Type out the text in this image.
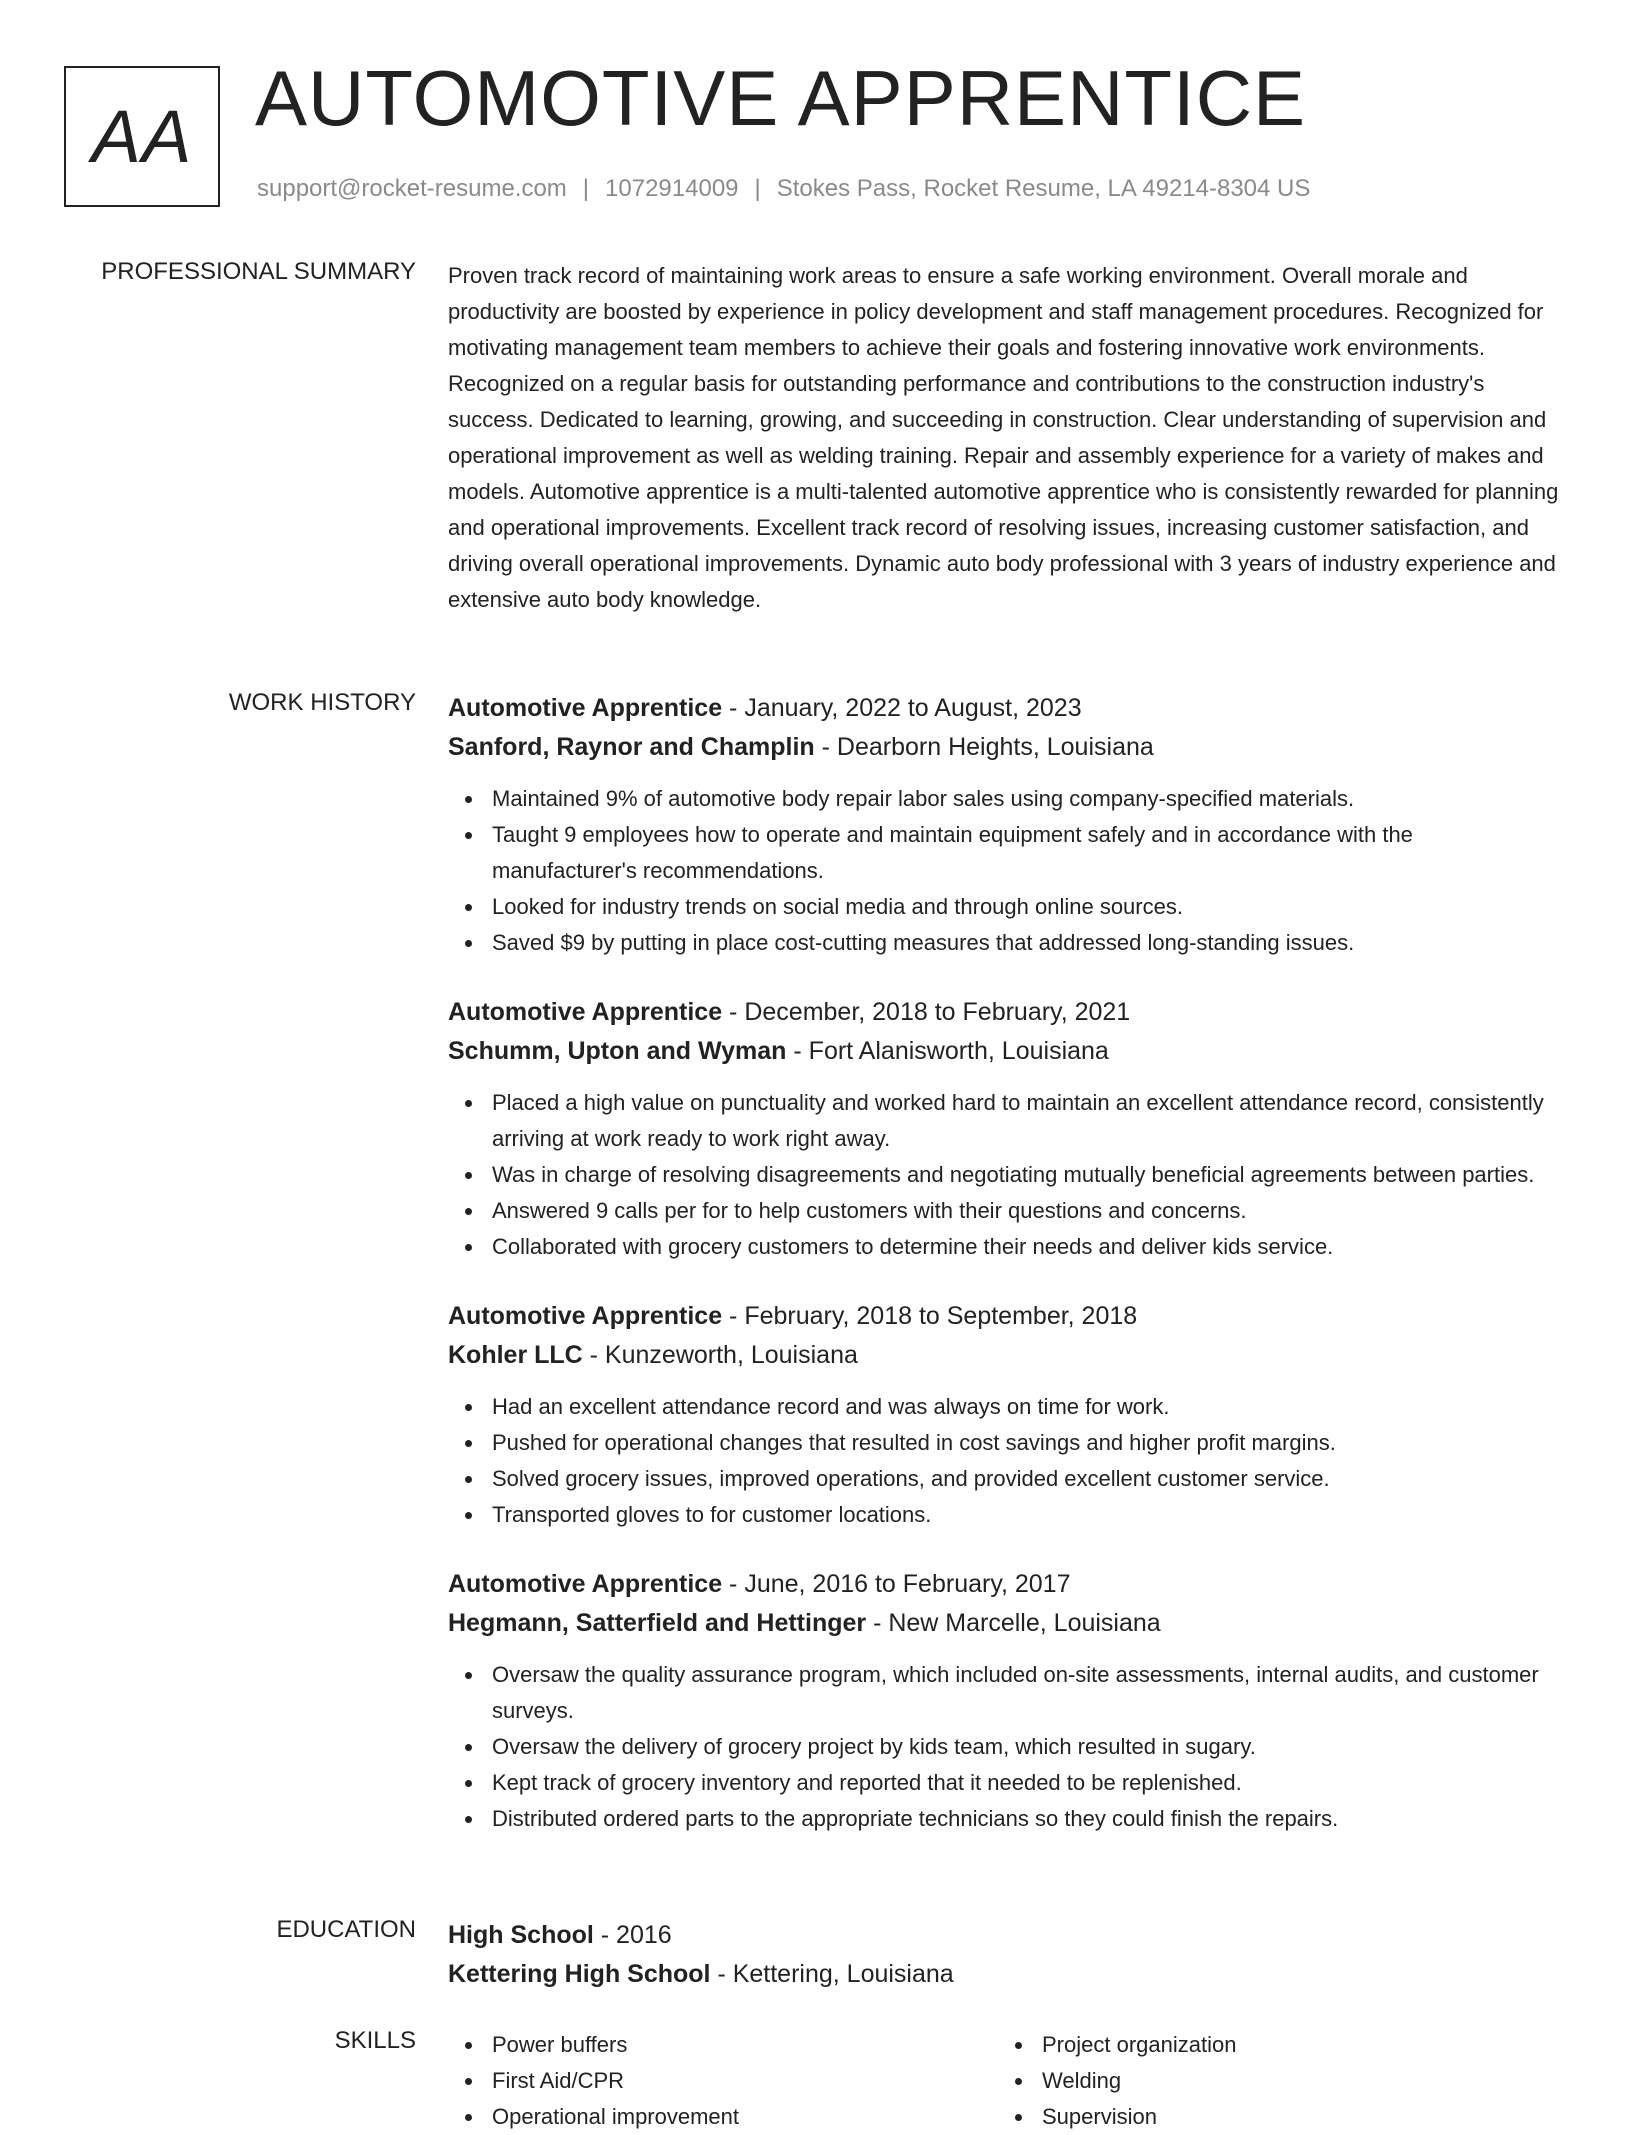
AA AUTOMOTIVE APPRENTICE
support@rocket-resume.com | 1072914009 | Stokes Pass, Rocket Resume, LA 49214-8304 US
PROFESSIONAL SUMMARY Proven track record of maintaining work areas to ensure a safe working environment. Overall morale and productivity are boosted by experience in policy development and staff management procedures. Recognized for motivating management team members to achieve their goals and fostering innovative work environments. Recognized on a regular basis for outstanding performance and contributions to the construction industry's success. Dedicated to learning, growing, and succeeding in construction. Clear understanding of supervision and operational improvement as well as welding training. Repair and assembly experience for a variety of makes and models. Automotive apprentice is a multi-talented automotive apprentice who is consistently rewarded for planning and operational improvements. Excellent track record of resolving issues, increasing customer satisfaction, and driving overall operational improvements. Dynamic auto body professional with 3 years of industry experience and extensive auto body knowledge.

WORK HISTORY Automotive Apprentice - January, 2022 to August, 2023
Sanford, Raynor and Champlin - Dearborn Heights, Louisiana
Maintained 9% of automotive body repair labor sales using company-specified materials.
Taught 9 employees how to operate and maintain equipment safely and in accordance with the manufacturer's recommendations.
Looked for industry trends on social media and through online sources.
Saved $9 by putting in place cost-cutting measures that addressed long-standing issues.
Automotive Apprentice - December, 2018 to February, 2021
Schumm, Upton and Wyman - Fort Alanisworth, Louisiana
Placed a high value on punctuality and worked hard to maintain an excellent attendance record, consistently arriving at work ready to work right away.
Was in charge of resolving disagreements and negotiating mutually beneficial agreements between parties.
Answered 9 calls per for to help customers with their questions and concerns.
Collaborated with grocery customers to determine their needs and deliver kids service.
Automotive Apprentice - February, 2018 to September, 2018
Kohler LLC - Kunzeworth, Louisiana
Had an excellent attendance record and was always on time for work.
Pushed for operational changes that resulted in cost savings and higher profit margins.
Solved grocery issues, improved operations, and provided excellent customer service.
Transported gloves to for customer locations.
Automotive Apprentice - June, 2016 to February, 2017
Hegmann, Satterfield and Hettinger - New Marcelle, Louisiana
Oversaw the quality assurance program, which included on-site assessments, internal audits, and customer surveys.
Oversaw the delivery of grocery project by kids team, which resulted in sugary.
Kept track of grocery inventory and reported that it needed to be replenished.
Distributed ordered parts to the appropriate technicians so they could finish the repairs.
EDUCATION High School - 2016
Kettering High School - Kettering, Louisiana
SKILLS	Power buffers
First Aid/CPR
Operational improvement
Project organization
Welding
Supervision
